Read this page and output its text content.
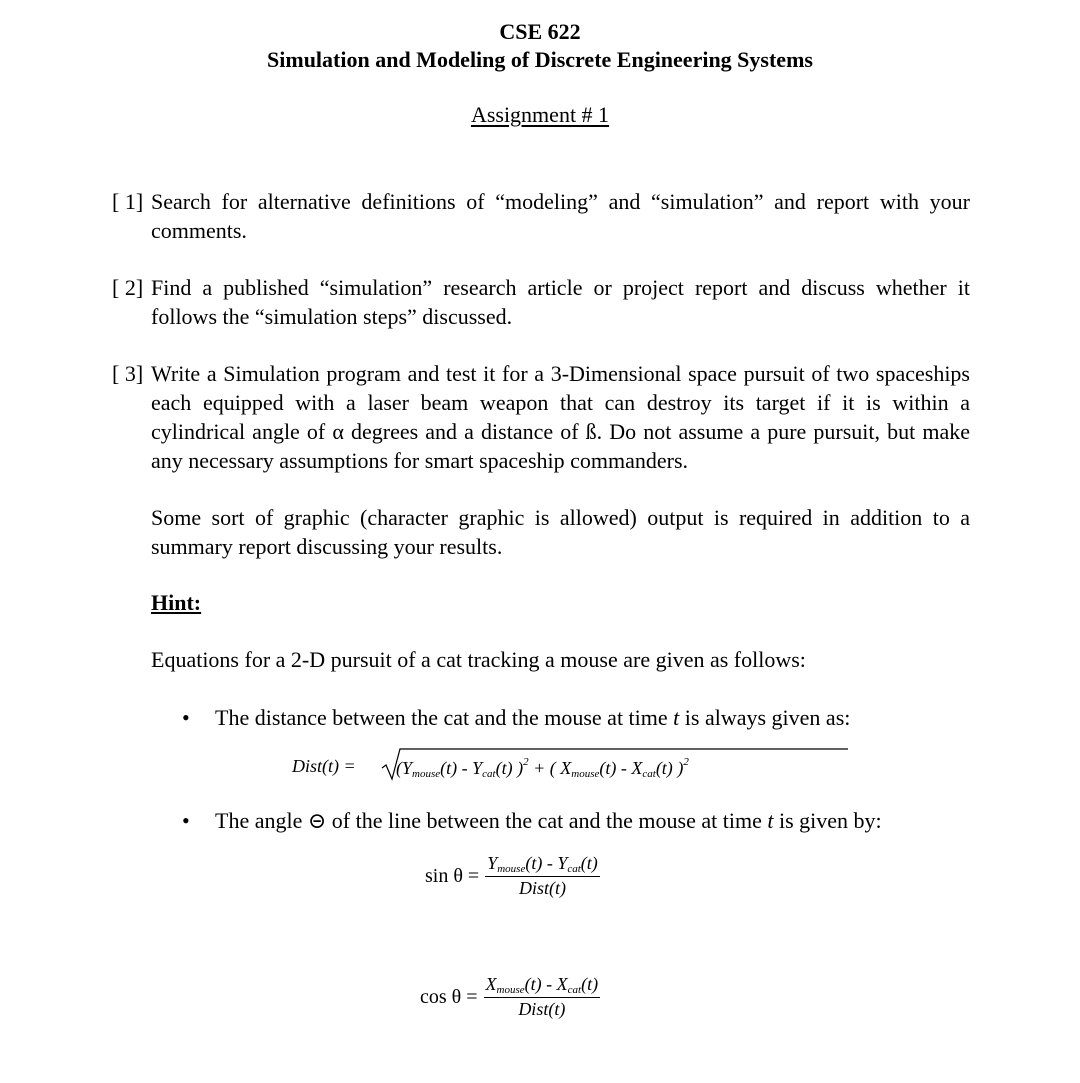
CSE 622
Simulation and Modeling of Discrete Engineering Systems
Assignment # 1
[ 1] Search for alternative definitions of “modeling” and “simulation” and report with your comments.
[ 2] Find a published “simulation” research article or project report and discuss whether it follows the “simulation steps” discussed.
[ 3] Write a Simulation program and test it for a 3-Dimensional space pursuit of two spaceships each equipped with a laser beam weapon that can destroy its target if it is within a cylindrical angle of α degrees and a distance of ß. Do not assume a pure pursuit, but make any necessary assumptions for smart spaceship commanders.
Some sort of graphic (character graphic is allowed) output is required in addition to a summary report discussing your results.
Hint:
Equations for a 2-D pursuit of a cat tracking a mouse are given as follows:
• The distance between the cat and the mouse at time t is always given as:
Dist(t) = $(Y_{mouse}(t) - Y_{cat}(t) )^2$ + ( $X_{mouse}(t) - X_{cat}(t)$ )$^2$
• The angle ⊝ of the line between the cat and the mouse at time t is given by:
$\sin \theta = \frac{Y_{mouse}(t) - Y_{cat}(t)}{\text{Dist(t)}}$
$\cos \theta = \frac{X_{mouse}(t) - X_{cat}(t)}{\text{Dist(t)}}$
